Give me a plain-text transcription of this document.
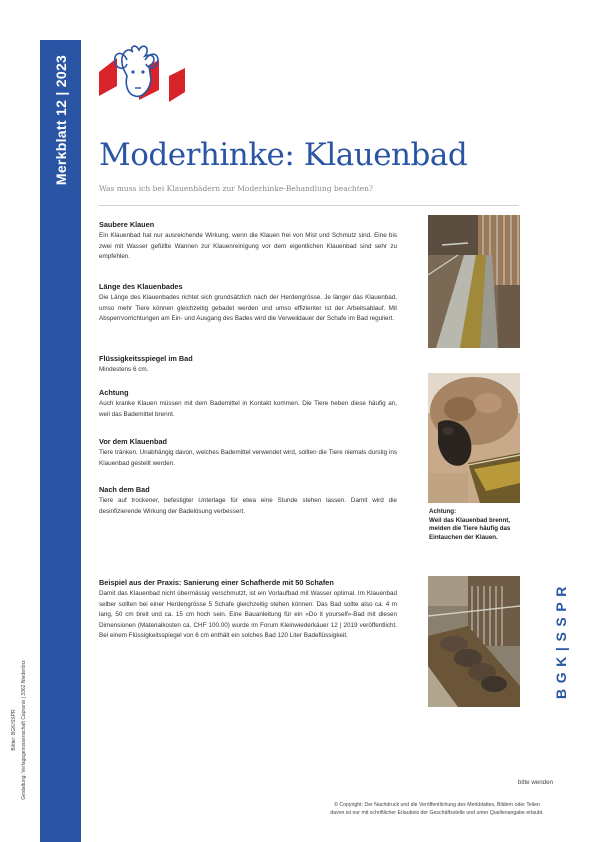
Merkblatt 12 | 2023
Bilder: BGK/SSPR Gestaltung: Verlagsgenossenschaft Capranix | 3362 Niederönz
Moderhinke: Klauenbad

Was muss ich bei Klauenbädern zur Moderhinke-Behandlung beachten?

Saubere Klauen

Ein Klauenbad hat nur ausreichende Wirkung, wenn die Klauen frei von Mist und Schmutz sind. Eine bis zwei mit Wasser gefüllte Wannen zur Klauenreinigung vor dem eigentlichen Klauenbad sind sehr zu empfehlen.

Länge des Klauenbades

Die Länge des Klauenbades richtet sich grundsätzlich nach der Herdengrösse. Je länger das Klauenbad, umso mehr Tiere können gleichzeitig gebadet werden und umso effizienter ist der Arbeitsablauf. Mit Absperrvorrichtungen am Ein- und Ausgang des Bades wird die Verweildauer der Schafe im Bad reguliert.

Flüssigkeitsspiegel im Bad

Mindestens 6 cm.

Achtung

Auch kranke Klauen müssen mit dem Bademittel in Kontakt kommen. Die Tiere heben diese häufig an, weil das Bademittel brennt.

Vor dem Klauenbad

Tiere tränken. Unabhängig davon, welches Bademittel verwendet wird, sollten die Tiere niemals durstig ins Klauenbad gestellt werden.

Nach dem Bad

Tiere auf trockener, befestigter Unterlage für etwa eine Stunde stehen lassen. Damit wird die desinfizierende Wirkung der Badelösung verbessert.

Beispiel aus der Praxis: Sanierung einer Schafherde mit 50 Schafen

Damit das Klauenbad nicht übermässig verschmutzt, ist ein Vorlaufbad mit Wasser optimal. Im Klauenbad selber sollten bei einer Herdengrösse 5 Schafe gleichzeitig stehen können. Das Bad sollte also ca. 4 m lang, 50 cm breit und ca. 15 cm hoch sein. Eine Bauanleitung für ein «Do it yourself»-Bad mit diesen Dimensionen (Materialkosten ca. CHF 100.00) wurde im Forum Kleinwiederkäuer 12 | 2019 veröffentlicht. Bei einem Flüssigkeitsspiegel von 6 cm enthält ein solches Bad 120 Liter Badeflüssigkeit.

Achtung:
Weil das Klauenbad brennt,
meiden die Tiere häufig das
Eintauchen der Klauen.
BGK|SSPR
bitte wenden
© Copyright: Der Nachdruck und die Veröffentlichung des Merkblattes, Bildern oder Teilen
davon ist nur mit schriftlicher Erlaubnis der Geschäftsstelle und unter Quellenangabe erlaubt.
